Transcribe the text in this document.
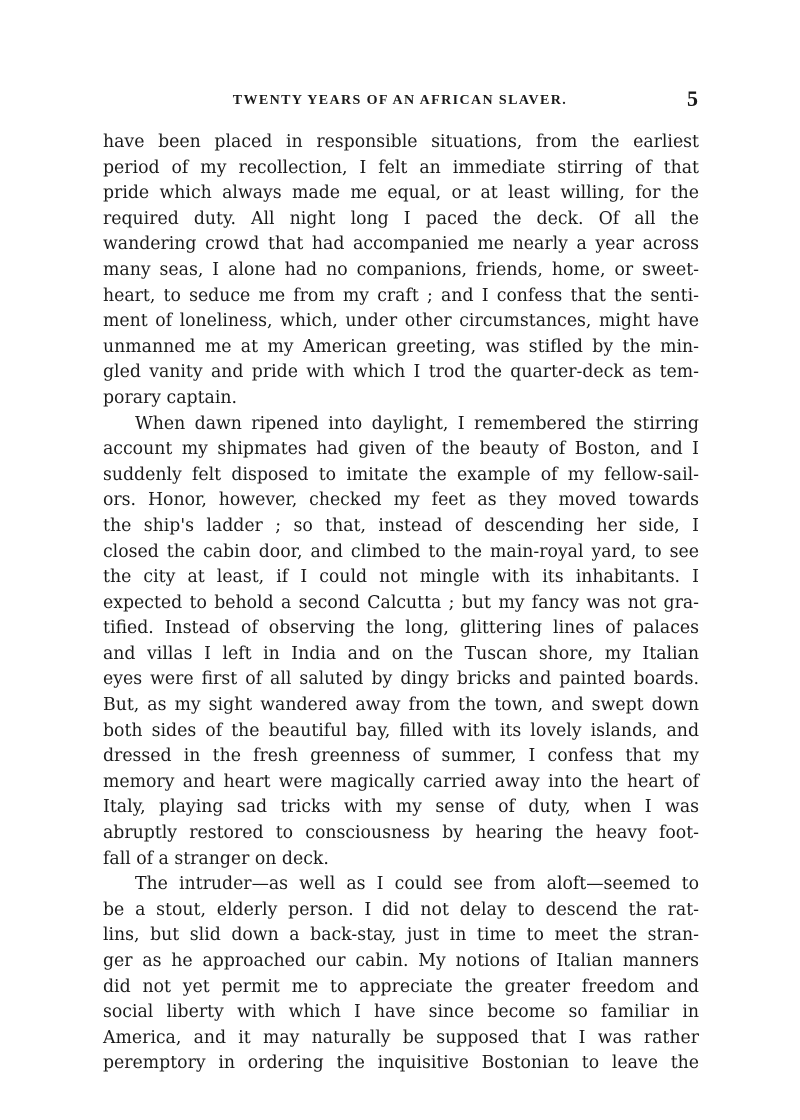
TWENTY YEARS OF AN AFRICAN SLAVER.	5
have been placed in responsible situations, from the earliest
period of my recollection, I felt an immediate stirring of that
pride which always made me equal, or at least willing, for the
required duty. All night long I paced the deck. Of all the
wandering crowd that had accompanied me nearly a year across
many seas, I alone had no companions, friends, home, or sweet-
heart, to seduce me from my craft ; and I confess that the senti-
ment of loneliness, which, under other circumstances, might have
unmanned me at my American greeting, was stifled by the min-
gled vanity and pride with which I trod the quarter-deck as tem-
porary captain.
When dawn ripened into daylight, I remembered the stirring
account my shipmates had given of the beauty of Boston, and I
suddenly felt disposed to imitate the example of my fellow-sail-
ors. Honor, however, checked my feet as they moved towards
the ship's ladder ; so that, instead of descending her side, I
closed the cabin door, and climbed to the main-royal yard, to see
the city at least, if I could not mingle with its inhabitants. I
expected to behold a second Calcutta ; but my fancy was not gra-
tified. Instead of observing the long, glittering lines of palaces
and villas I left in India and on the Tuscan shore, my Italian
eyes were first of all saluted by dingy bricks and painted boards.
But, as my sight wandered away from the town, and swept down
both sides of the beautiful bay, filled with its lovely islands, and
dressed in the fresh greenness of summer, I confess that my
memory and heart were magically carried away into the heart of
Italy, playing sad tricks with my sense of duty, when I was
abruptly restored to consciousness by hearing the heavy foot-
fall of a stranger on deck.
The intruder—as well as I could see from aloft—seemed to
be a stout, elderly person. I did not delay to descend the rat-
lins, but slid down a back-stay, just in time to meet the stran-
ger as he approached our cabin. My notions of Italian manners
did not yet permit me to appreciate the greater freedom and
social liberty with which I have since become so familiar in
America, and it may naturally be supposed that I was rather
peremptory in ordering the inquisitive Bostonian to leave the
